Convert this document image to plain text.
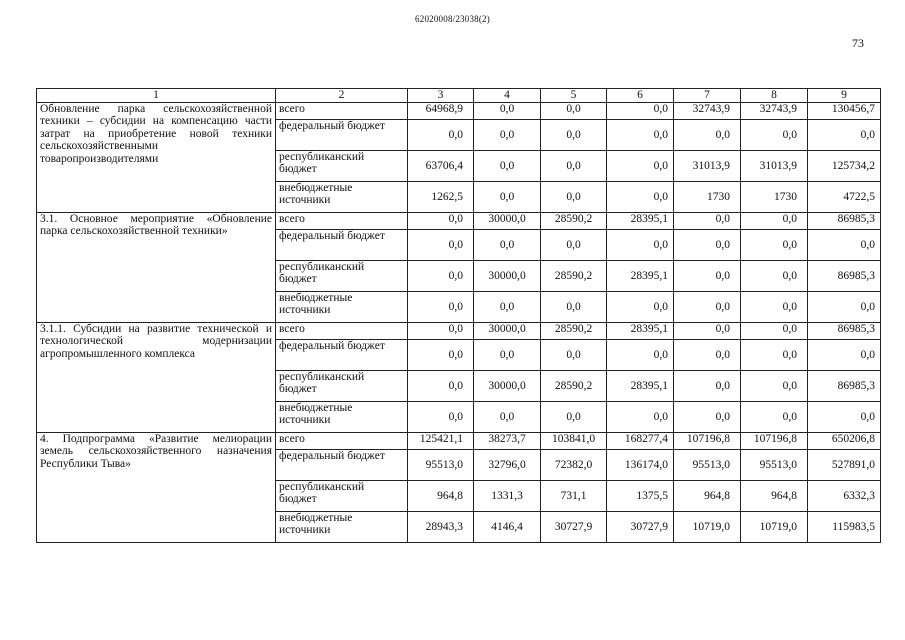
62020008/23038(2)
73
1	2	3	4	5	6	7	8	9
Обновление парка сельскохозяйственной техники – субсидии на компенсацию части затрат на приобретение новой техники сельскохозяйственными товаропроизводителями	всего	64968,9	0,0	0,0	0,0	32743,9	32743,9	130456,7
	федеральный бюджет	0,0	0,0	0,0	0,0	0,0	0,0	0,0
	республиканский бюджет	63706,4	0,0	0,0	0,0	31013,9	31013,9	125734,2
	внебюджетные источники	1262,5	0,0	0,0	0,0	1730	1730	4722,5
3.1. Основное мероприятие «Обновление парка сельскохозяйственной техники»	всего	0,0	30000,0	28590,2	28395,1	0,0	0,0	86985,3
	федеральный бюджет	0,0	0,0	0,0	0,0	0,0	0,0	0,0
	республиканский бюджет	0,0	30000,0	28590,2	28395,1	0,0	0,0	86985,3
	внебюджетные источники	0,0	0,0	0,0	0,0	0,0	0,0	0,0
3.1.1. Субсидии на развитие технической и технологической модернизации агропромышленного комплекса	всего	0,0	30000,0	28590,2	28395,1	0,0	0,0	86985,3
	федеральный бюджет	0,0	0,0	0,0	0,0	0,0	0,0	0,0
	республиканский бюджет	0,0	30000,0	28590,2	28395,1	0,0	0,0	86985,3
	внебюджетные источники	0,0	0,0	0,0	0,0	0,0	0,0	0,0
4. Подпрограмма «Развитие мелиорации земель сельскохозяйственного назначения Республики Тыва»	всего	125421,1	38273,7	103841,0	168277,4	107196,8	107196,8	650206,8
	федеральный бюджет	95513,0	32796,0	72382,0	136174,0	95513,0	95513,0	527891,0
	республиканский бюджет	964,8	1331,3	731,1	1375,5	964,8	964,8	6332,3
	внебюджетные источники	28943,3	4146,4	30727,9	30727,9	10719,0	10719,0	115983,5
